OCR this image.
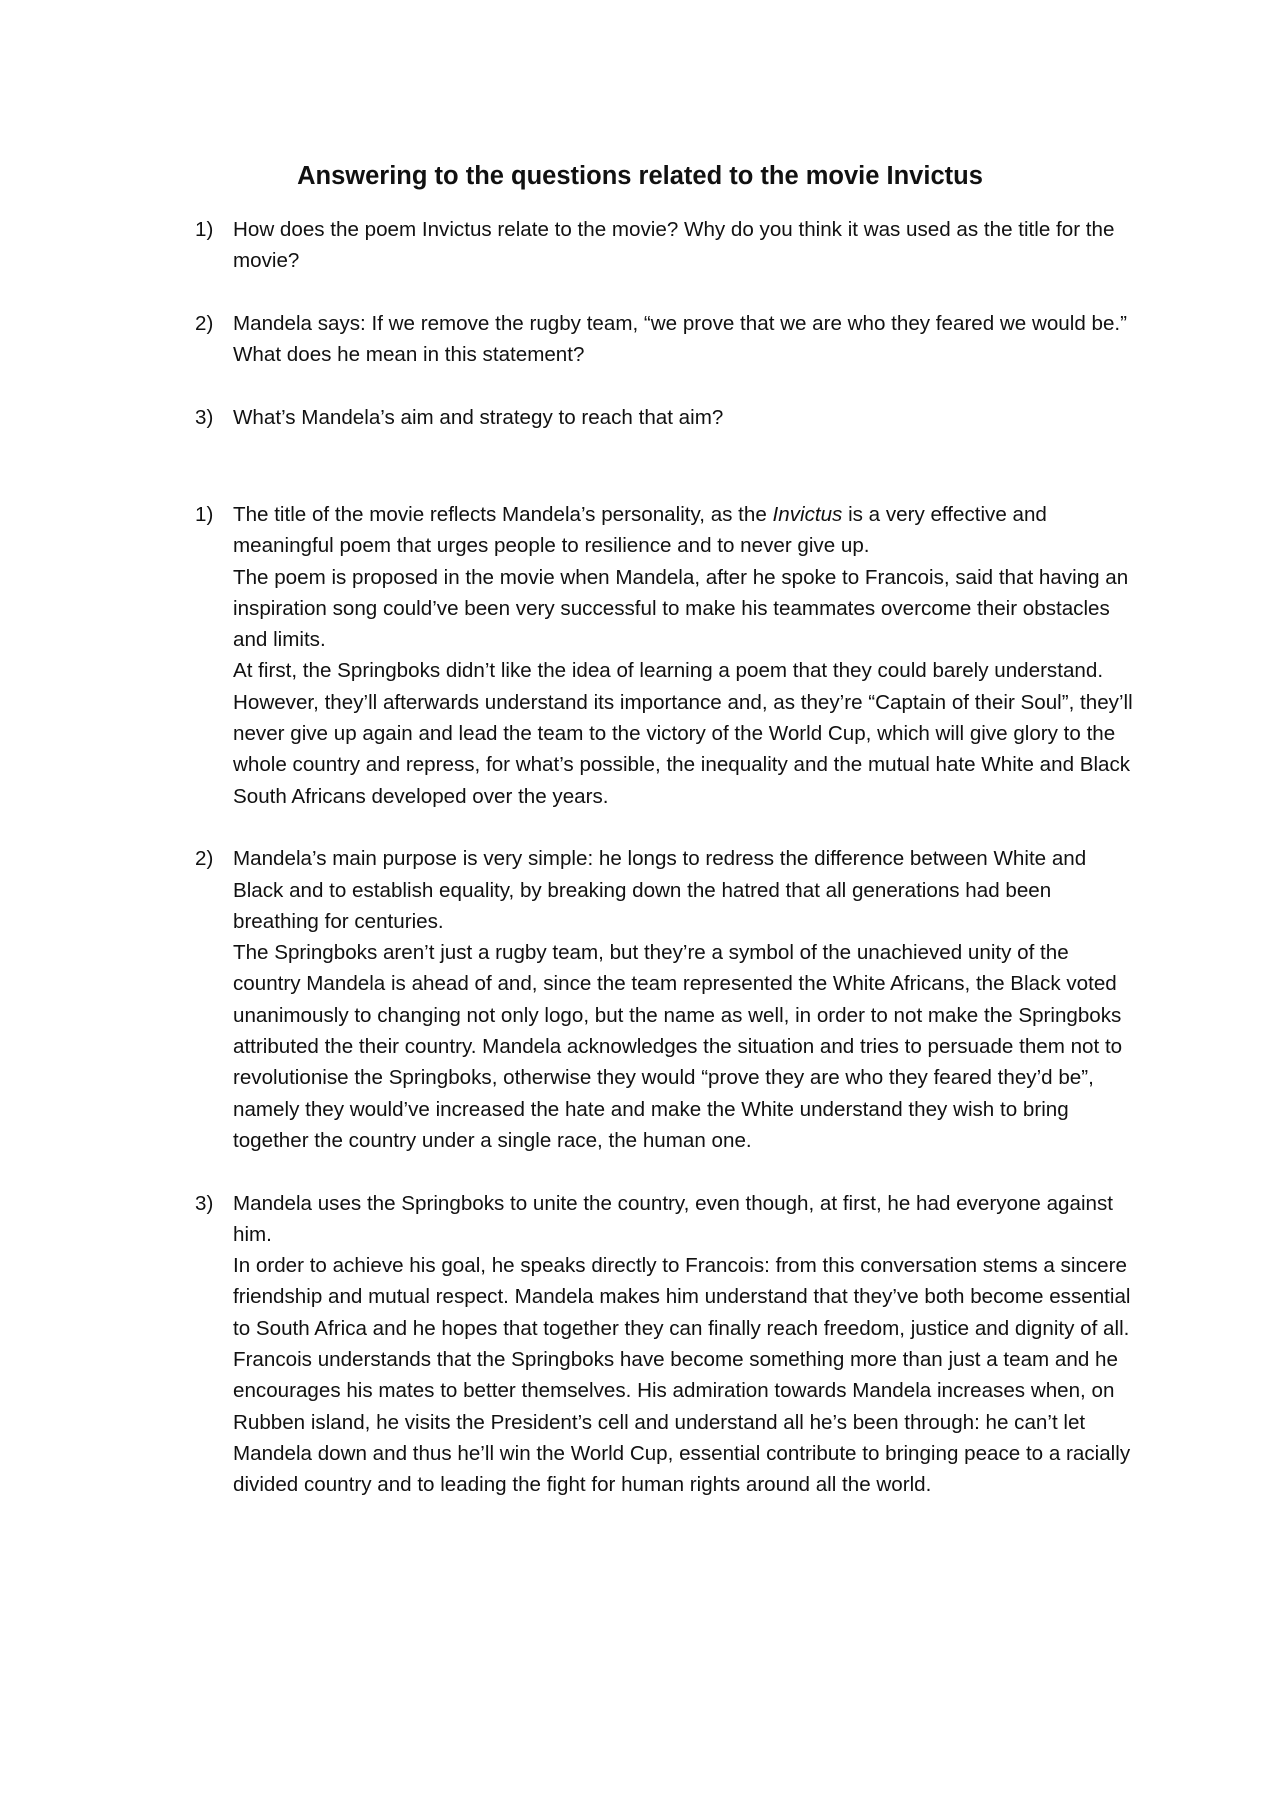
Answering to the questions related to the movie Invictus
1) How does the poem Invictus relate to the movie? Why do you think it was used as the title for the movie?
2) Mandela says: If we remove the rugby team, “we prove that we are who they feared we would be.” What does he mean in this statement?
3) What’s Mandela’s aim and strategy to reach that aim?
1) The title of the movie reflects Mandela’s personality, as the Invictus is a very effective and meaningful poem that urges people to resilience and to never give up.
The poem is proposed in the movie when Mandela, after he spoke to Francois, said that having an inspiration song could’ve been very successful to make his teammates overcome their obstacles and limits.
At first, the Springboks didn’t like the idea of learning a poem that they could barely understand. However, they’ll afterwards understand its importance and, as they’re “Captain of their Soul”, they’ll never give up again and lead the team to the victory of the World Cup, which will give glory to the whole country and repress, for what’s possible, the inequality and the mutual hate White and Black South Africans developed over the years.
2) Mandela’s main purpose is very simple: he longs to redress the difference between White and Black and to establish equality, by breaking down the hatred that all generations had been breathing for centuries.
The Springboks aren’t just a rugby team, but they’re a symbol of the unachieved unity of the country Mandela is ahead of and, since the team represented the White Africans, the Black voted unanimously to changing not only logo, but the name as well, in order to not make the Springboks attributed the their country. Mandela acknowledges the situation and tries to persuade them not to revolutionise the Springboks, otherwise they would “prove they are who they feared they’d be”, namely they would’ve increased the hate and make the White understand they wish to bring together the country under a single race, the human one.
3) Mandela uses the Springboks to unite the country, even though, at first, he had everyone against him.
In order to achieve his goal, he speaks directly to Francois: from this conversation stems a sincere friendship and mutual respect. Mandela makes him understand that they’ve both become essential to South Africa and he hopes that together they can finally reach freedom, justice and dignity of all.
Francois understands that the Springboks have become something more than just a team and he encourages his mates to better themselves. His admiration towards Mandela increases when, on Rubben island, he visits the President’s cell and understand all he’s been through: he can’t let Mandela down and thus he’ll win the World Cup, essential contribute to bringing peace to a racially divided country and to leading the fight for human rights around all the world.
